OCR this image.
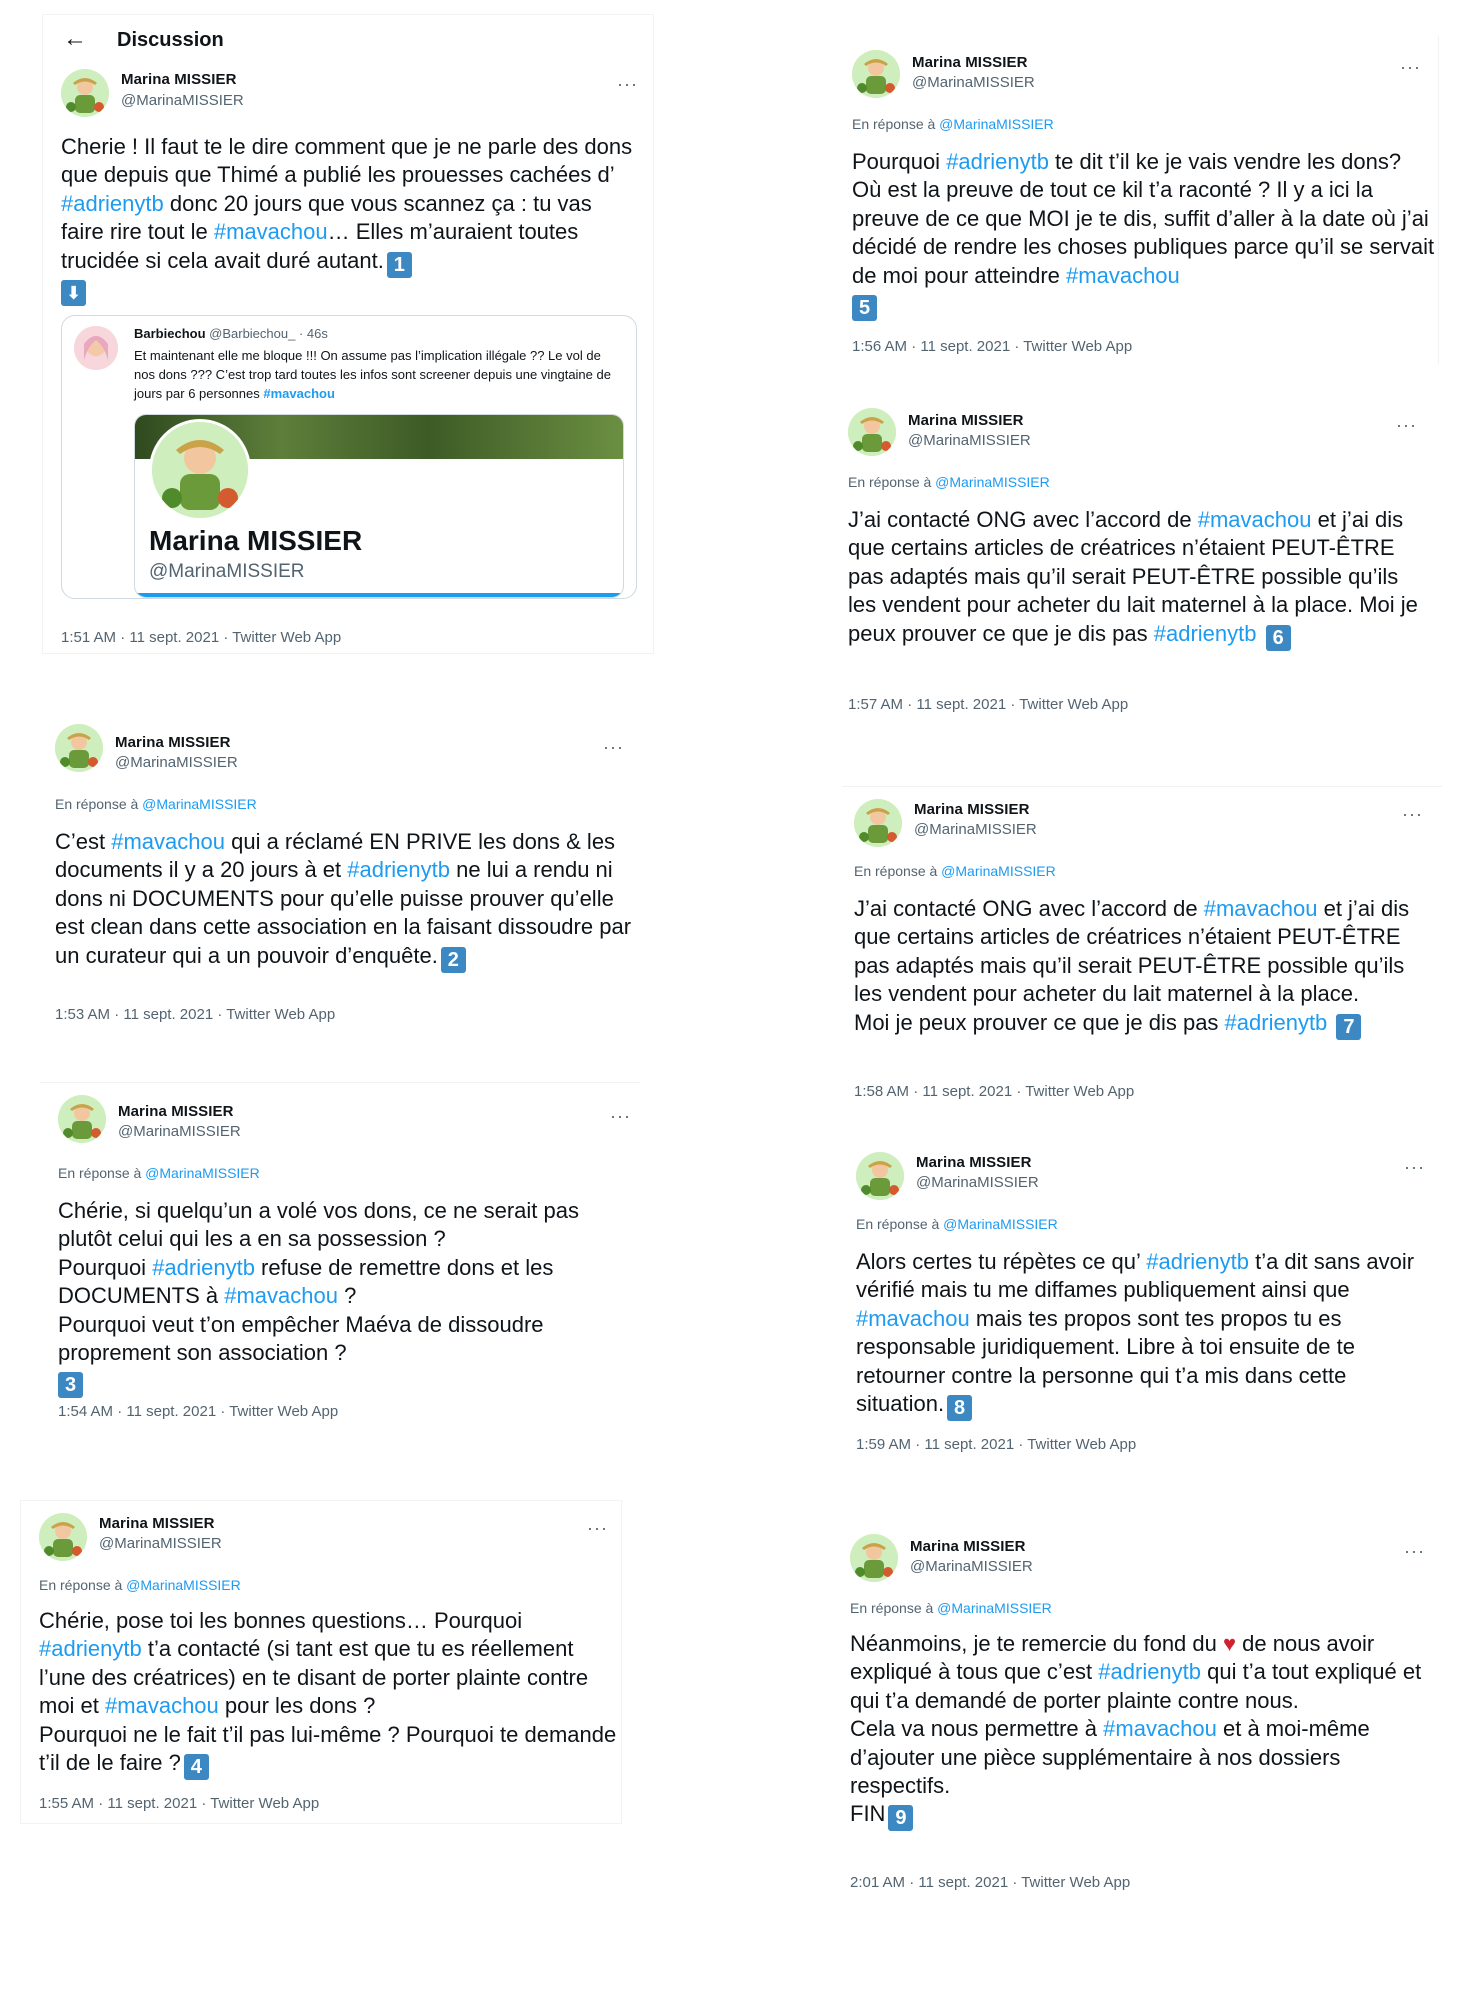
← Discussion
Marina MISSIER
@MarinaMISSIER
···
Cherie ! Il faut te le dire comment que je ne parle des dons que depuis que Thimé a publié les prouesses cachées d’ #adrienytb donc 20 jours que vous scannez ça : tu vas faire rire tout le #mavachou… Elles m’auraient toutes trucidée si cela avait duré autant. 1
⬇
Barbiechou @Barbiechou_ · 46s
Et maintenant elle me bloque !!! On assume pas l’implication illégale ?? Le vol de nos dons ??? C’est trop tard toutes les infos sont screener depuis une vingtaine de jours par 6 personnes #mavachou
Marina MISSIER
@MarinaMISSIER
1:51 AM · 11 sept. 2021 · Twitter Web App
Marina MISSIER
@MarinaMISSIER
···
En réponse à @MarinaMISSIER
C’est #mavachou qui a réclamé EN PRIVE les dons & les documents il y a 20 jours à et #adrienytb ne lui a rendu ni dons ni DOCUMENTS pour qu’elle puisse prouver qu’elle est clean dans cette association en la faisant dissoudre par un curateur qui a un pouvoir d’enquête. 2
1:53 AM · 11 sept. 2021 · Twitter Web App
Marina MISSIER
@MarinaMISSIER
···
En réponse à @MarinaMISSIER
Chérie, si quelqu’un a volé vos dons, ce ne serait pas plutôt celui qui les a en sa possession ?
Pourquoi #adrienytb refuse de remettre dons et les DOCUMENTS à #mavachou ?
Pourquoi veut t’on empêcher Maéva de dissoudre proprement son association ?
3
1:54 AM · 11 sept. 2021 · Twitter Web App
Marina MISSIER
@MarinaMISSIER
···
En réponse à @MarinaMISSIER
Chérie, pose toi les bonnes questions… Pourquoi #adrienytb t’a contacté (si tant est que tu es réellement l’une des créatrices) en te disant de porter plainte contre moi et #mavachou pour les dons ?
Pourquoi ne le fait t’il pas lui-même ? Pourquoi te demande t’il de le faire ? 4
1:55 AM · 11 sept. 2021 · Twitter Web App
Marina MISSIER
@MarinaMISSIER
···
En réponse à @MarinaMISSIER
Pourquoi #adrienytb te dit t’il ke je vais vendre les dons? Où est la preuve de tout ce kil t’a raconté ? Il y a ici la preuve de ce que MOI je te dis, suffit d’aller à la date où j’ai décidé de rendre les choses publiques parce qu’il se servait de moi pour atteindre #mavachou
5
1:56 AM · 11 sept. 2021 · Twitter Web App
Marina MISSIER
@MarinaMISSIER
···
En réponse à @MarinaMISSIER
J’ai contacté ONG avec l’accord de #mavachou et j’ai dis que certains articles de créatrices n’étaient PEUT-ÊTRE pas adaptés mais qu’il serait PEUT-ÊTRE possible qu’ils les vendent pour acheter du lait maternel à la place. Moi je peux prouver ce que je dis pas #adrienytb 6
1:57 AM · 11 sept. 2021 · Twitter Web App
Marina MISSIER
@MarinaMISSIER
···
En réponse à @MarinaMISSIER
J’ai contacté ONG avec l’accord de #mavachou et j’ai dis que certains articles de créatrices n’étaient PEUT-ÊTRE pas adaptés mais qu’il serait PEUT-ÊTRE possible qu’ils les vendent pour acheter du lait maternel à la place.
Moi je peux prouver ce que je dis pas #adrienytb 7
1:58 AM · 11 sept. 2021 · Twitter Web App
Marina MISSIER
@MarinaMISSIER
···
En réponse à @MarinaMISSIER
Alors certes tu répètes ce qu’ #adrienytb t’a dit sans avoir vérifié mais tu me diffames publiquement ainsi que #mavachou mais tes propos sont tes propos tu es responsable juridiquement. Libre à toi ensuite de te retourner contre la personne qui t’a mis dans cette situation. 8
1:59 AM · 11 sept. 2021 · Twitter Web App
Marina MISSIER
@MarinaMISSIER
···
En réponse à @MarinaMISSIER
Néanmoins, je te remercie du fond du ♥ de nous avoir expliqué à tous que c’est #adrienytb qui t’a tout expliqué et qui t’a demandé de porter plainte contre nous.
Cela va nous permettre à #mavachou et à moi-même d’ajouter une pièce supplémentaire à nos dossiers respectifs.
FIN 9
2:01 AM · 11 sept. 2021 · Twitter Web App
